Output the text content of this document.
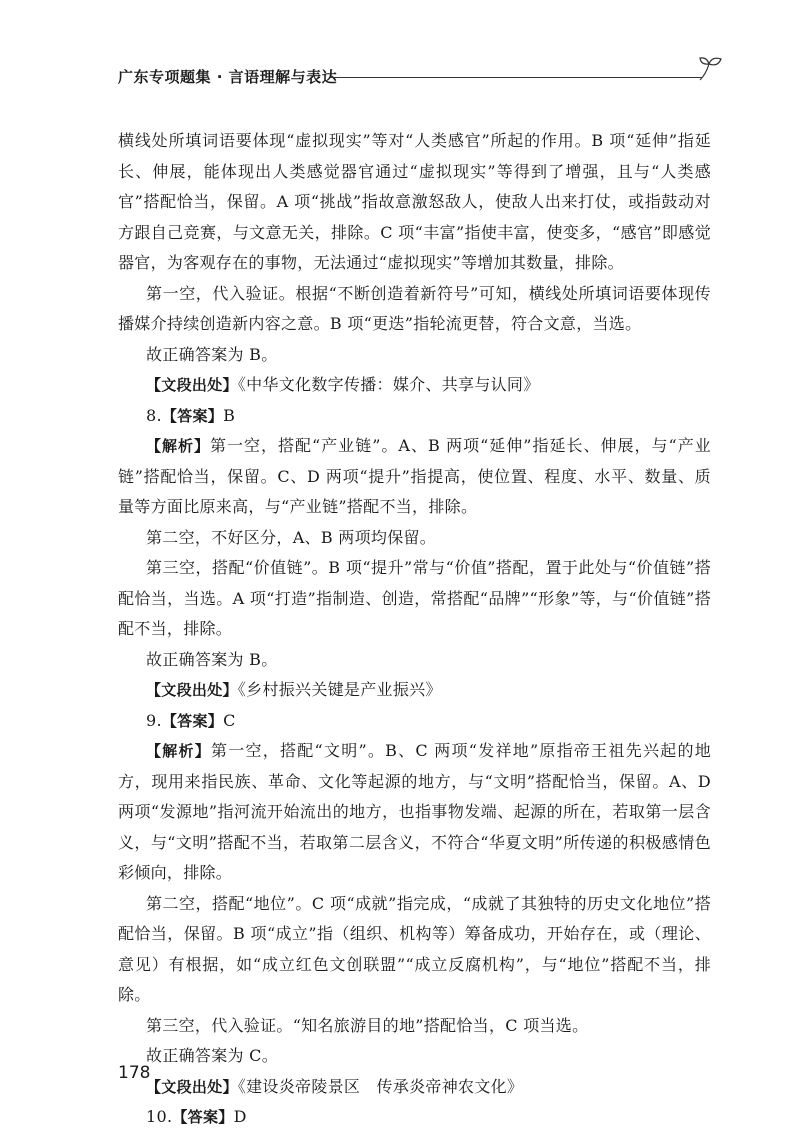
广东专项题集 · 言语理解与表达

横线处所填词语要体现“虚拟现实”等对“人类感官”所起的作用。B 项“延伸”指延长、伸展，能体现出人类感觉器官通过“虚拟现实”等得到了增强，且与“人类感官”搭配恰当，保留。A 项“挑战”指故意激怒敌人，使敌人出来打仗，或指鼓动对方跟自己竞赛，与文意无关，排除。C 项“丰富”指使丰富，使变多，“感官”即感觉器官，为客观存在的事物，无法通过“虚拟现实”等增加其数量，排除。

第一空，代入验证。根据“不断创造着新符号”可知，横线处所填词语要体现传播媒介持续创造新内容之意。B 项“更迭”指轮流更替，符合文意，当选。

故正确答案为 B。

【文段出处】《中华文化数字传播：媒介、共享与认同》

8.【答案】B

【解析】第一空，搭配“产业链”。A、B 两项“延伸”指延长、伸展，与“产业链”搭配恰当，保留。C、D 两项“提升”指提高，使位置、程度、水平、数量、质量等方面比原来高，与“产业链”搭配不当，排除。

第二空，不好区分，A、B 两项均保留。

第三空，搭配“价值链”。B 项“提升”常与“价值”搭配，置于此处与“价值链”搭配恰当，当选。A 项“打造”指制造、创造，常搭配“品牌”“形象”等，与“价值链”搭配不当，排除。

故正确答案为 B。

【文段出处】《乡村振兴关键是产业振兴》

9.【答案】C

【解析】第一空，搭配“文明”。B、C 两项“发祥地”原指帝王祖先兴起的地方，现用来指民族、革命、文化等起源的地方，与“文明”搭配恰当，保留。A、D 两项“发源地”指河流开始流出的地方，也指事物发端、起源的所在，若取第一层含义，与“文明”搭配不当，若取第二层含义，不符合“华夏文明”所传递的积极感情色彩倾向，排除。

第二空，搭配“地位”。C 项“成就”指完成，“成就了其独特的历史文化地位”搭配恰当，保留。B 项“成立”指（组织、机构等）筹备成功，开始存在，或（理论、意见）有根据，如“成立红色文创联盟”“成立反腐机构”，与“地位”搭配不当，排除。

第三空，代入验证。“知名旅游目的地”搭配恰当，C 项当选。

故正确答案为 C。

【文段出处】《建设炎帝陵景区　传承炎帝神农文化》

10.【答案】D

178
